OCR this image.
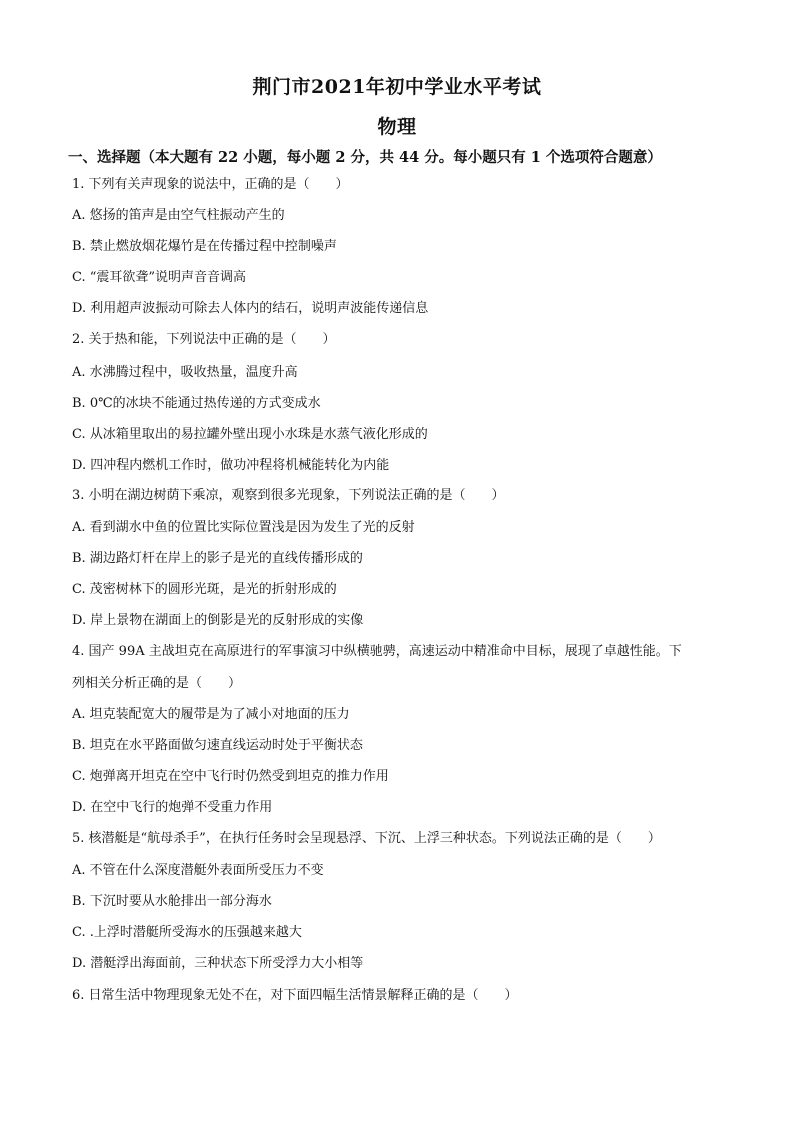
荆门市2021年初中学业水平考试
物理
一、选择题（本大题有 22 小题，每小题 2 分，共 44 分。每小题只有 1 个选项符合题意）
1. 下列有关声现象的说法中，正确的是（　　）
A. 悠扬的笛声是由空气柱振动产生的
B. 禁止燃放烟花爆竹是在传播过程中控制噪声
C. “震耳欲聋”说明声音音调高
D. 利用超声波振动可除去人体内的结石，说明声波能传递信息
2. 关于热和能，下列说法中正确的是（　　）
A. 水沸腾过程中，吸收热量，温度升高
B. 0℃的冰块不能通过热传递的方式变成水
C. 从冰箱里取出的易拉罐外壁出现小水珠是水蒸气液化形成的
D. 四冲程内燃机工作时，做功冲程将机械能转化为内能
3. 小明在湖边树荫下乘凉，观察到很多光现象，下列说法正确的是（　　）
A. 看到湖水中鱼的位置比实际位置浅是因为发生了光的反射
B. 湖边路灯杆在岸上的影子是光的直线传播形成的
C. 茂密树林下的圆形光斑，是光的折射形成的
D. 岸上景物在湖面上的倒影是光的反射形成的实像
4. 国产 99A 主战坦克在高原进行的军事演习中纵横驰骋，高速运动中精准命中目标，展现了卓越性能。下
列相关分析正确的是（　　）
A. 坦克装配宽大的履带是为了减小对地面的压力
B. 坦克在水平路面做匀速直线运动时处于平衡状态
C. 炮弹离开坦克在空中飞行时仍然受到坦克的推力作用
D. 在空中飞行的炮弹不受重力作用
5. 核潜艇是“航母杀手”，在执行任务时会呈现悬浮、下沉、上浮三种状态。下列说法正确的是（　　）
A. 不管在什么深度潜艇外表面所受压力不变
B. 下沉时要从水舱排出一部分海水
C. .上浮时潜艇所受海水的压强越来越大
D. 潜艇浮出海面前，三种状态下所受浮力大小相等
6. 日常生活中物理现象无处不在，对下面四幅生活情景解释正确的是（　　）
